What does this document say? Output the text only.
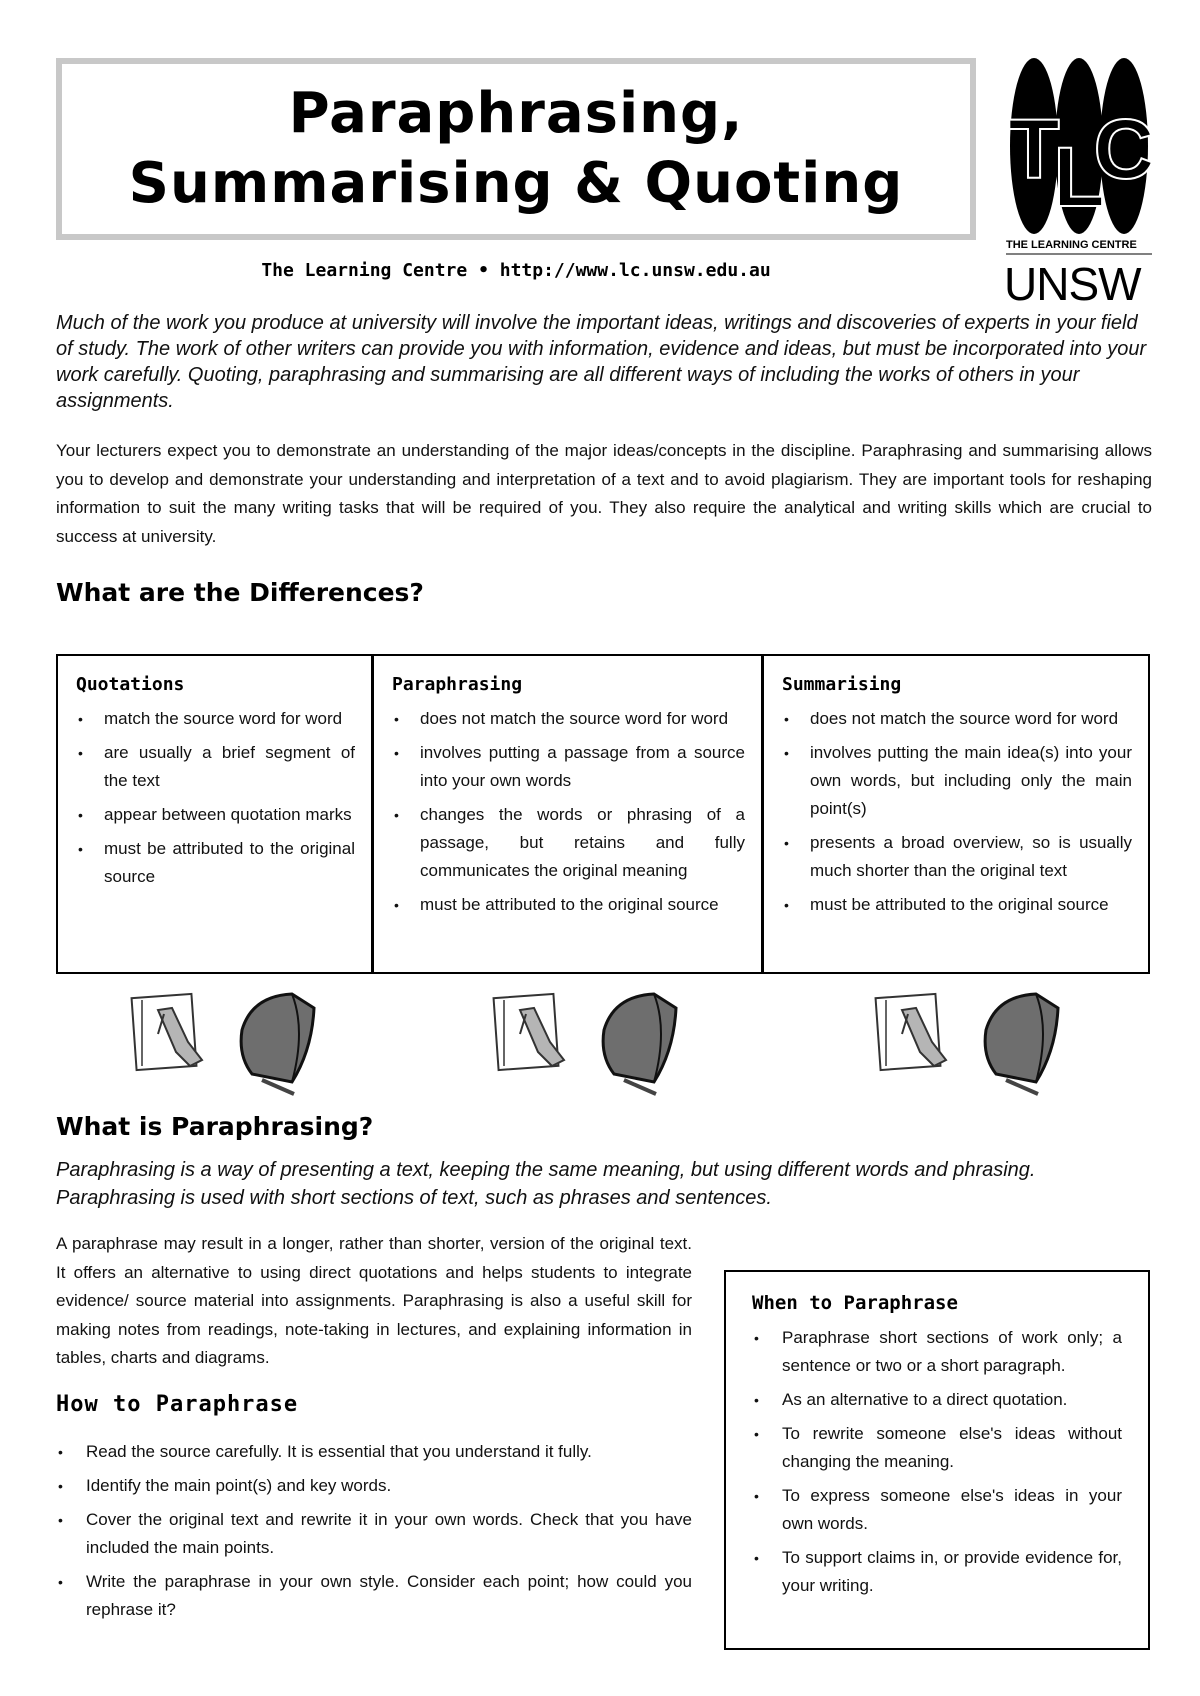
Paraphrasing,
Summarising & Quoting
The Learning Centre • http://www.lc.unsw.edu.au
T
L
C
THE LEARNING CENTRE
UNSW
Much of the work you produce at university will involve the important ideas, writings and discoveries of experts in your field of study. The work of other writers can provide you with information, evidence and ideas, but must be incorporated into your work carefully. Quoting, paraphrasing and summarising are all different ways of including the works of others in your assignments.
Your lecturers expect you to demonstrate an understanding of the major ideas/concepts in the discipline. Paraphrasing and summarising allows you to develop and demonstrate your understanding and interpretation of a text and to avoid plagiarism. They are important tools for reshaping information to suit the many writing tasks that will be required of you. They also require the analytical and writing skills which are crucial to success at university.
What are the Differences?
Quotations
• match the source word for word
• are usually a brief segment of the text
• appear between quotation marks
• must be attributed to the original source
Paraphrasing
• does not match the source word for word
• involves putting a passage from a source into your own words
• changes the words or phrasing of a passage, but retains and fully communicates the original meaning
• must be attributed to the original source
Summarising
• does not match the source word for word
• involves putting the main idea(s) into your own words, but including only the main point(s)
• presents a broad overview, so is usually much shorter than the original text
• must be attributed to the original source
What is Paraphrasing?
Paraphrasing is a way of presenting a text, keeping the same meaning, but using different words and phrasing. Paraphrasing is used with short sections of text, such as phrases and sentences.
A paraphrase may result in a longer, rather than shorter, version of the original text. It offers an alternative to using direct quotations and helps students to integrate evidence/ source material into assignments. Paraphrasing is also a useful skill for making notes from readings, note-taking in lectures, and explaining information in tables, charts and diagrams.
How to Paraphrase
• Read the source carefully. It is essential that you understand it fully.
• Identify the main point(s) and key words.
• Cover the original text and rewrite it in your own words. Check that you have included the main points.
• Write the paraphrase in your own style. Consider each point; how could you rephrase it?
When to Paraphrase
• Paraphrase short sections of work only; a sentence or two or a short paragraph.
• As an alternative to a direct quotation.
• To rewrite someone else's ideas without changing the meaning.
• To express someone else's ideas in your own words.
• To support claims in, or provide evidence for, your writing.
